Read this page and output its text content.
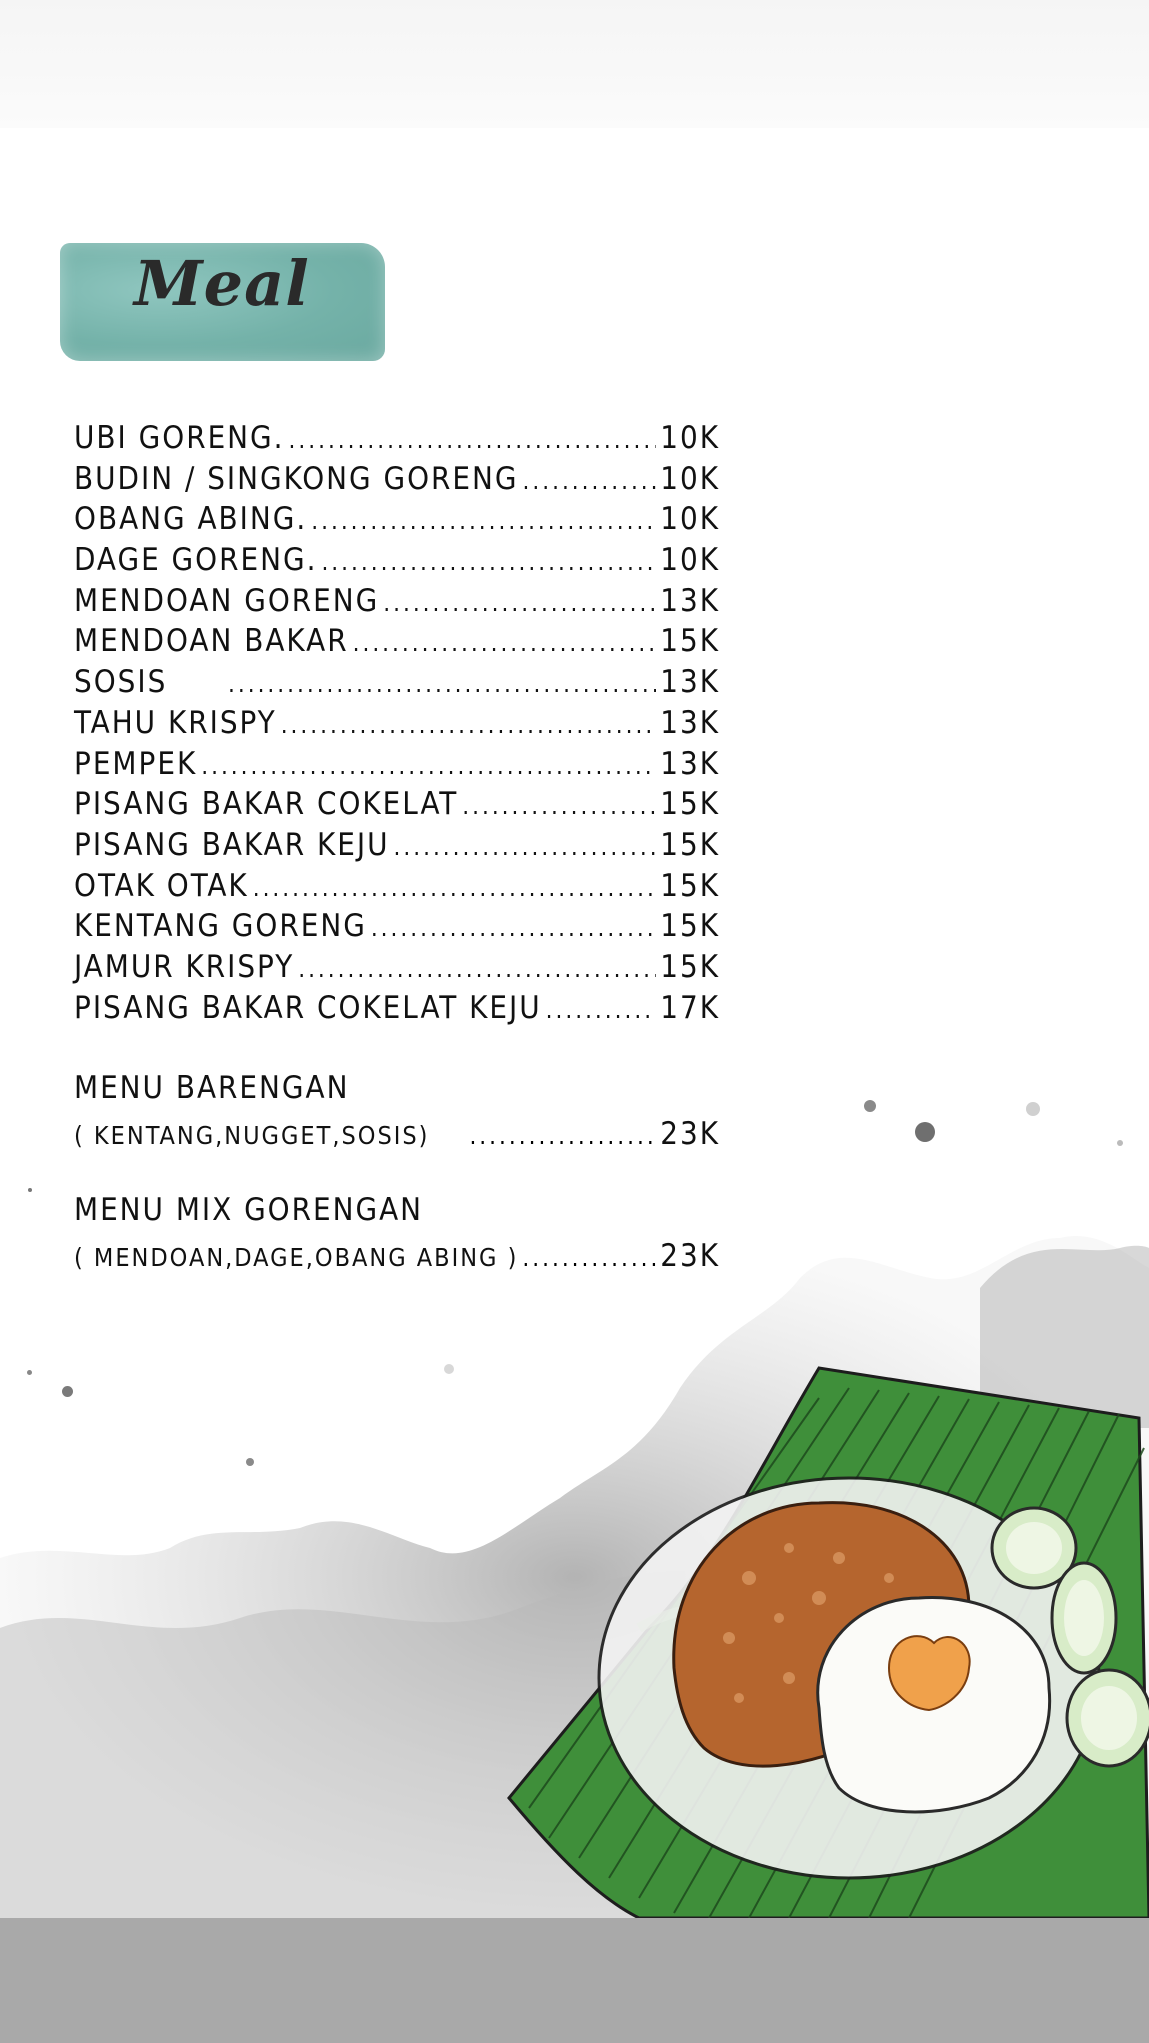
Meal
UBI GORENG. .....	10K
BUDIN / SINGKONG GORENG .....	10K
OBANG ABING. .....	10K
DAGE GORENG. .....	10K
MENDOAN GORENG .....	13K
MENDOAN BAKAR .....	15K
SOSIS .....	13K
TAHU KRISPY .....	13K
PEMPEK .....	13K
PISANG BAKAR COKELAT .....	15K
PISANG BAKAR KEJU .....	15K
OTAK OTAK .....	15K
KENTANG GORENG .....	15K
JAMUR KRISPY .....	15K
PISANG BAKAR COKELAT KEJU .....	17K
MENU BARENGAN
( KENTANG,NUGGET,SOSIS) .....	23K
MENU MIX GORENGAN
( MENDOAN,DAGE,OBANG ABING ) .....	23K
